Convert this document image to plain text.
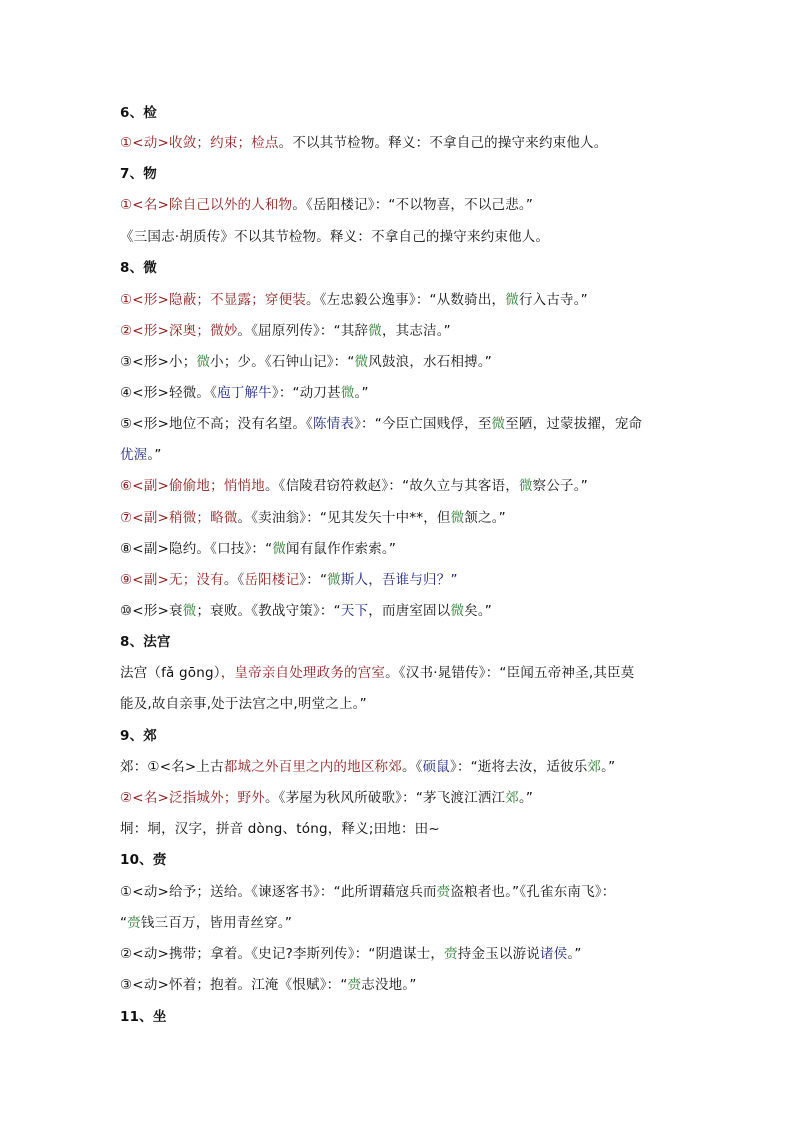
6、检
①<动>收敛；约束；检点。不以其节检物。释义：不拿自己的操守来约束他人。
7、物
①<名>除自己以外的人和物。《岳阳楼记》：“不以物喜，不以己悲。”
《三国志·胡质传》不以其节检物。释义：不拿自己的操守来约束他人。
8、微
①<形>隐蔽；不显露；穿便装。《左忠毅公逸事》：“从数骑出，微行入古寺。”
②<形>深奥；微妙。《屈原列传》：“其辞微，其志洁。”
③<形>小；微小；少。《石钟山记》：“微风鼓浪，水石相搏。”
④<形>轻微。《庖丁解牛》：“动刀甚微。”
⑤<形>地位不高；没有名望。《陈情表》：“今臣亡国贱俘，至微至陋，过蒙拔擢，宠命
优渥。”
⑥<副>偷偷地；悄悄地。《信陵君窃符救赵》：“故久立与其客语，微察公子。”
⑦<副>稍微；略微。《卖油翁》：“见其发矢十中**，但微颔之。”
⑧<副>隐约。《口技》：“微闻有鼠作作索索。”
⑨<副>无；没有。《岳阳楼记》：“微斯人，吾谁与归？”
⑩<形>衰微；衰败。《教战守策》：“天下，而唐室固以微矣。”
8、法宫
法宫（fǎ gōng），皇帝亲自处理政务的宫室。《汉书·晁错传》：“臣闻五帝神圣,其臣莫
能及,故自亲事,处于法宫之中,明堂之上。”
9、郊
郊：①<名>上古都城之外百里之内的地区称郊。《硕鼠》：“逝将去汝，适彼乐郊。”
②<名>泛指城外；野外。《茅屋为秋风所破歌》：“茅飞渡江洒江郊。”
垌：垌，汉字，拼音 dòng、tóng，释义;田地：田~
10、赍
①<动>给予；送给。《谏逐客书》：“此所谓藉寇兵而赍盗粮者也。”《孔雀东南飞》：
“赍钱三百万，皆用青丝穿。”
②<动>携带；拿着。《史记?李斯列传》：“阴遣谋士，赍持金玉以游说诸侯。”
③<动>怀着；抱着。江淹《恨赋》：“赍志没地。”
11、坐
